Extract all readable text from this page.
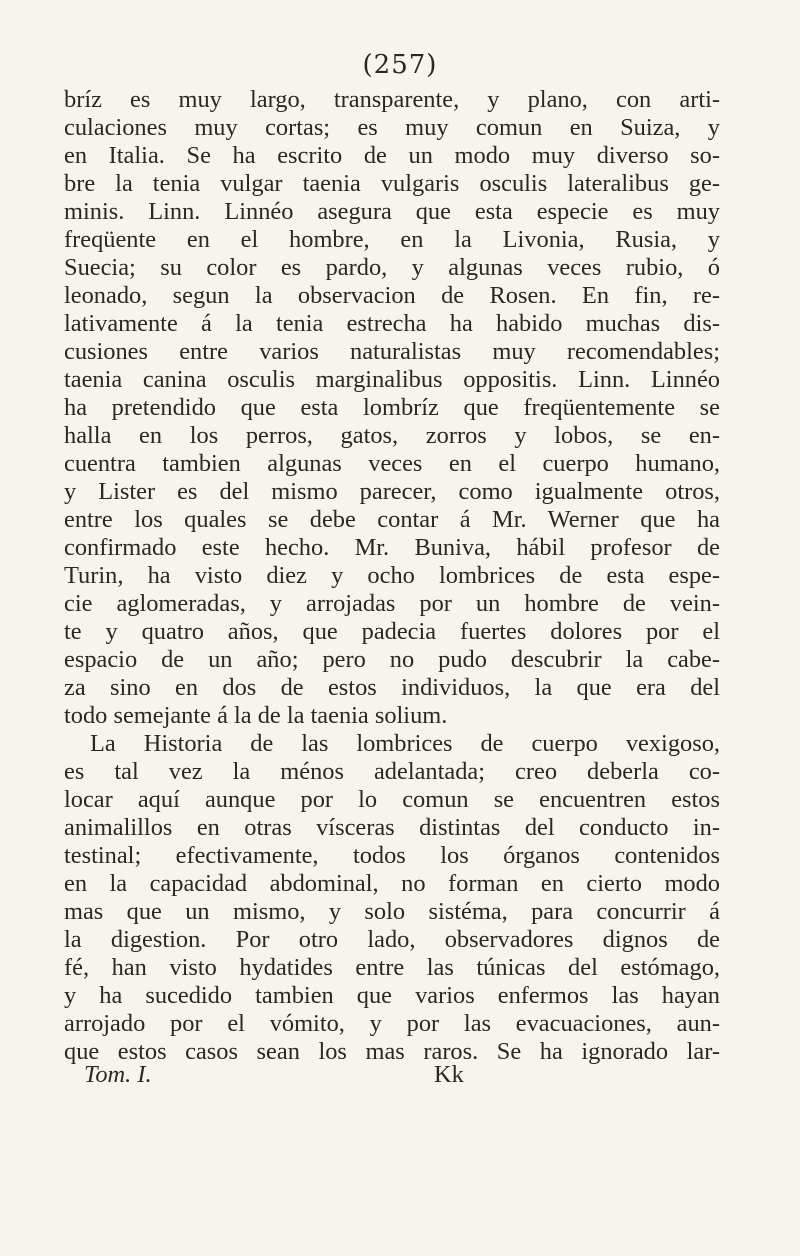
(257)
bríz es muy largo, transparente, y plano, con arti-
culaciones muy cortas; es muy comun en Suiza, y
en Italia. Se ha escrito de un modo muy diverso so-
bre la tenia vulgar taenia vulgaris osculis lateralibus ge-
minis. Linn. Linnéo asegura que esta especie es muy
freqüente en el hombre, en la Livonia, Rusia, y
Suecia; su color es pardo, y algunas veces rubio, ó
leonado, segun la observacion de Rosen. En fin, re-
lativamente á la tenia estrecha ha habido muchas dis-
cusiones entre varios naturalistas muy recomendables;
taenia canina osculis marginalibus oppositis. Linn. Linnéo
ha pretendido que esta lombríz que freqüentemente se
halla en los perros, gatos, zorros y lobos, se en-
cuentra tambien algunas veces en el cuerpo humano,
y Lister es del mismo parecer, como igualmente otros,
entre los quales se debe contar á Mr. Werner que ha
confirmado este hecho. Mr. Buniva, hábil profesor de
Turin, ha visto diez y ocho lombrices de esta espe-
cie aglomeradas, y arrojadas por un hombre de vein-
te y quatro años, que padecia fuertes dolores por el
espacio de un año; pero no pudo descubrir la cabe-
za sino en dos de estos individuos, la que era del
todo semejante á la de la taenia solium.
La Historia de las lombrices de cuerpo vexigoso,
es tal vez la ménos adelantada; creo deberla co-
locar aquí aunque por lo comun se encuentren estos
animalillos en otras vísceras distintas del conducto in-
testinal; efectivamente, todos los órganos contenidos
en la capacidad abdominal, no forman en cierto modo
mas que un mismo, y solo sistéma, para concurrir á
la digestion. Por otro lado, observadores dignos de
fé, han visto hydatides entre las túnicas del estómago,
y ha sucedido tambien que varios enfermos las hayan
arrojado por el vómito, y por las evacuaciones, aun-
que estos casos sean los mas raros. Se ha ignorado lar-
Tom. I.	Kk
